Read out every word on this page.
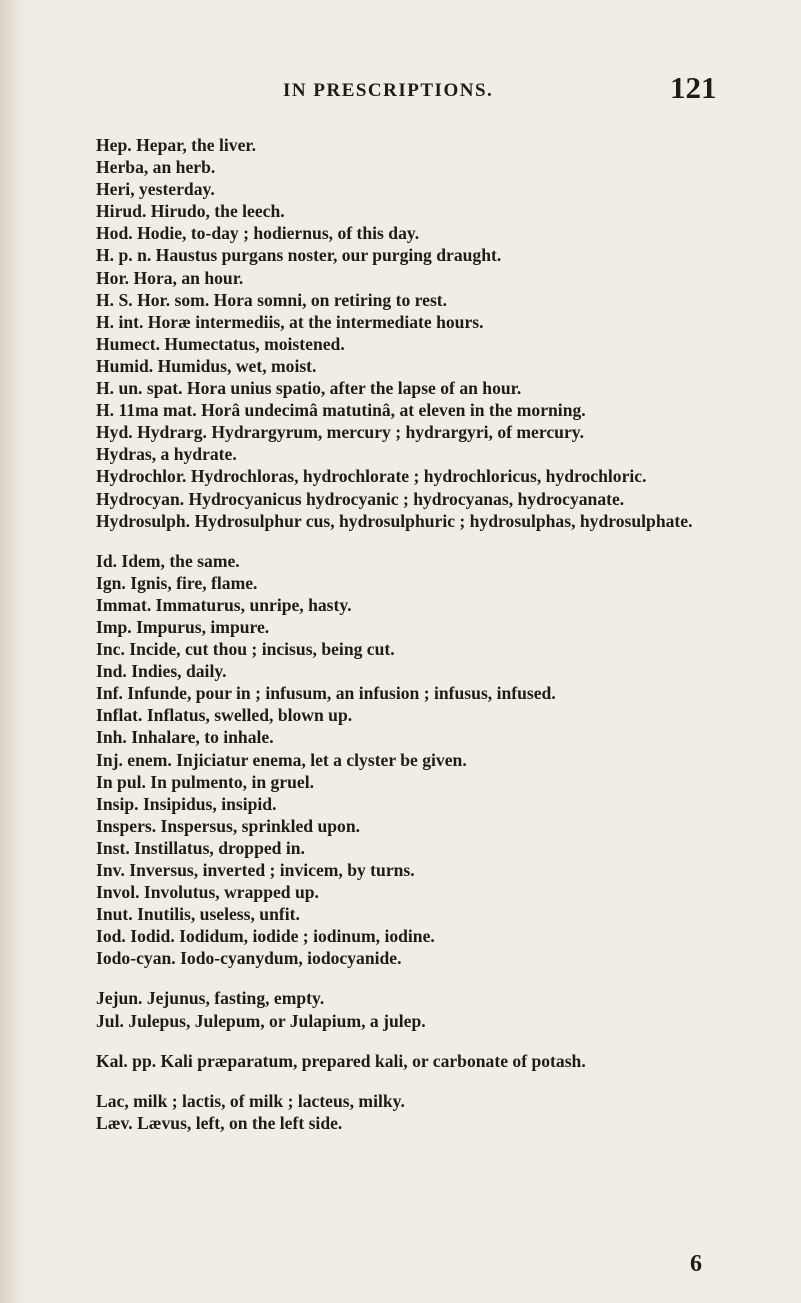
IN PRESCRIPTIONS.	121

Hep. Hepar, the liver.

Herba, an herb.

Heri, yesterday.

Hirud. Hirudo, the leech.

Hod. Hodie, to-day ; hodiernus, of this day.

H. p. n. Haustus purgans noster, our purging draught.

Hor. Hora, an hour.

H. S. Hor. som. Hora somni, on retiring to rest.

H. int. Horæ intermediis, at the intermediate hours.

Humect. Humectatus, moistened.

Humid. Humidus, wet, moist.

H. un. spat. Hora unius spatio, after the lapse of an hour.

H. 11ma mat. Horâ undecimâ matutinâ, at eleven in the morning.

Hyd. Hydrarg. Hydrargyrum, mercury ; hydrargyri, of mercury.

Hydras, a hydrate.

Hydrochlor. Hydrochloras, hydrochlorate ; hydrochloricus, hydrochloric.

Hydrocyan. Hydrocyanicus hydrocyanic ; hydrocyanas, hydrocyanate.

Hydrosulph. Hydrosulphur cus, hydrosulphuric ; hydrosulphas, hydrosulphate.

Id. Idem, the same.

Ign. Ignis, fire, flame.

Immat. Immaturus, unripe, hasty.

Imp. Impurus, impure.

Inc. Incide, cut thou ; incisus, being cut.

Ind. Indies, daily.

Inf. Infunde, pour in ; infusum, an infusion ; infusus, infused.

Inflat. Inflatus, swelled, blown up.

Inh. Inhalare, to inhale.

Inj. enem. Injiciatur enema, let a clyster be given.

In pul. In pulmento, in gruel.

Insip. Insipidus, insipid.

Inspers. Inspersus, sprinkled upon.

Inst. Instillatus, dropped in.

Inv. Inversus, inverted ; invicem, by turns.

Invol. Involutus, wrapped up.

Inut. Inutilis, useless, unfit.

Iod. Iodid. Iodidum, iodide ; iodinum, iodine.

Iodo-cyan. Iodo-cyanydum, iodocyanide.

Jejun. Jejunus, fasting, empty.

Jul. Julepus, Julepum, or Julapium, a julep.

Kal. pp. Kali præparatum, prepared kali, or carbonate of potash.

Lac, milk ; lactis, of milk ; lacteus, milky.

Læv. Lævus, left, on the left side.

6
